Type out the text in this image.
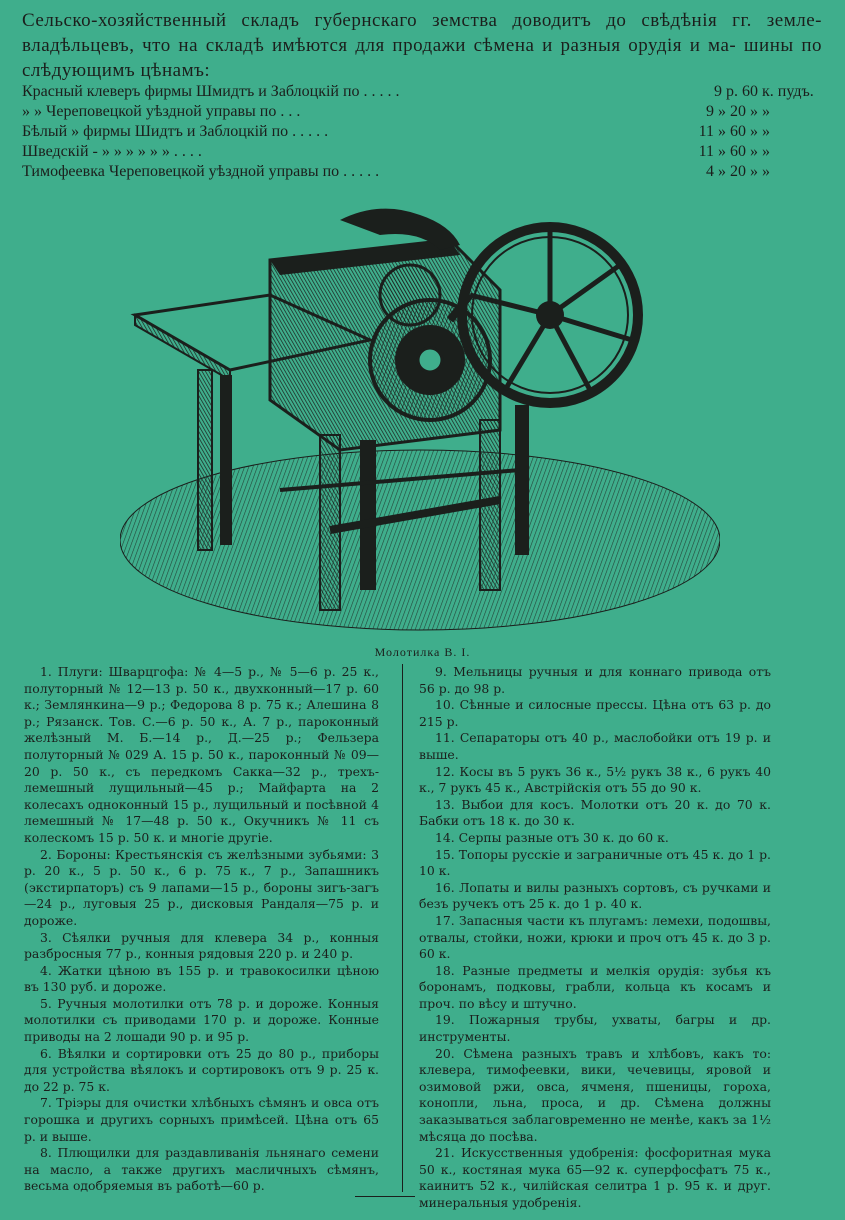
Сельско-хозяйственный складъ губернскаго земства доводитъ до свѣдѣнія гг. земле- владѣльцевъ, что на складѣ имѣются для продажи сѣмена и разныя орудія и ма- шины по слѣдующимъ цѣнамъ:
Красный клеверъ фирмы Шмидтъ и Заблоцкій по . . . . .	9 р. 60 к. пудъ.
» » Череповецкой уѣздной управы по . . .	9 » 20 » »
Бѣлый » фирмы Шидтъ и Заблоцкій по . . . . .	11 » 60 » »
Шведскій - » » » » » » . . . .	11 » 60 » »
Тимофеевка Череповецкой уѣздной управы по . . . . .	4 » 20 » »
Молотилка В. І.

1. Плуги: Шварцгофа: № 4—5 р., № 5—6 р. 25 к., полуторный № 12—13 р. 50 к., двухконный—17 р. 60 к.; Землянкина—9 р.; Федорова 8 р. 75 к.; Алешина 8 р.; Рязанск. Тов. С.—6 р. 50 к., А. 7 р., пароконный желѣзный М. Б.—14 р., Д.—25 р.; Фельзера полуторный № 029 А. 15 р. 50 к., пароконный № 09—20 р. 50 к., съ передкомъ Сакка—32 р., трехъ-лемешный лущильный—45 р.; Майфарта на 2 колесахъ одноконный 15 р., лущильный и посѣвной 4 лемешный № 17—48 р. 50 к., Окучникъ № 11 съ колескомъ 15 р. 50 к. и многіе другіе.

2. Бороны: Крестьянскія съ желѣзными зубьями: 3 р. 20 к., 5 р. 50 к., 6 р. 75 к., 7 р., Запашникъ (экстирпаторъ) съ 9 лапами—15 р., бороны зигъ-загъ—24 р., луговыя 25 р., дисковыя Рандаля—75 р. и дороже.

3. Сѣялки ручныя для клевера 34 р., конныя разбросныя 77 р., конныя рядовыя 220 р. и 240 р.

4. Жатки цѣною въ 155 р. и травокосилки цѣною въ 130 руб. и дороже.

5. Ручныя молотилки отъ 78 р. и дороже. Конныя молотилки съ приводами 170 р. и дороже. Конные приводы на 2 лошади 90 р. и 95 р.

6. Вѣялки и сортировки отъ 25 до 80 р., приборы для устройства вѣялокъ и сортировокъ отъ 9 р. 25 к. до 22 р. 75 к.

7. Тріэры для очистки хлѣбныхъ сѣмянъ и овса отъ горошка и другихъ сорныхъ примѣсей. Цѣна отъ 65 р. и выше.

8. Плющилки для раздавливанія льнянаго семени на масло, а также другихъ масличныхъ сѣмянъ, весьма одобряемыя въ работѣ—60 р.

9. Мельницы ручныя и для коннаго привода отъ 56 р. до 98 р.

10. Сѣнные и силосные прессы. Цѣна отъ 63 р. до 215 р.

11. Сепараторы отъ 40 р., маслобойки отъ 19 р. и выше.

12. Косы въ 5 рукъ 36 к., 5½ рукъ 38 к., 6 рукъ 40 к., 7 рукъ 45 к., Австрійскія отъ 55 до 90 к.

13. Выбои для косъ. Молотки отъ 20 к. до 70 к. Бабки отъ 18 к. до 30 к.

14. Серпы разные отъ 30 к. до 60 к.

15. Топоры русскіе и заграничные отъ 45 к. до 1 р. 10 к.

16. Лопаты и вилы разныхъ сортовъ, съ ручками и безъ ручекъ отъ 25 к. до 1 р. 40 к.

17. Запасныя части къ плугамъ: лемехи, подошвы, отвалы, стойки, ножи, крюки и проч отъ 45 к. до 3 р. 60 к.

18. Разные предметы и мелкія орудія: зубья къ боронамъ, подковы, грабли, кольца къ косамъ и проч. по вѣсу и штучно.

19. Пожарныя трубы, ухваты, багры и др. инструменты.

20. Сѣмена разныхъ травъ и хлѣбовъ, какъ то: клевера, тимофеевки, вики, чечевицы, яровой и озимовой ржи, овса, ячменя, пшеницы, гороха, конопли, льна, проса, и др. Сѣмена должны заказываться заблаговременно не менѣе, какъ за 1½ мѣсяца до посѣва.

21. Искусственныя удобренія: фосфоритная мука 50 к., костяная мука 65—92 к. суперфосфатъ 75 к., каинитъ 52 к., чилійская селитра 1 р. 95 к. и друг. минеральныя удобренія.
